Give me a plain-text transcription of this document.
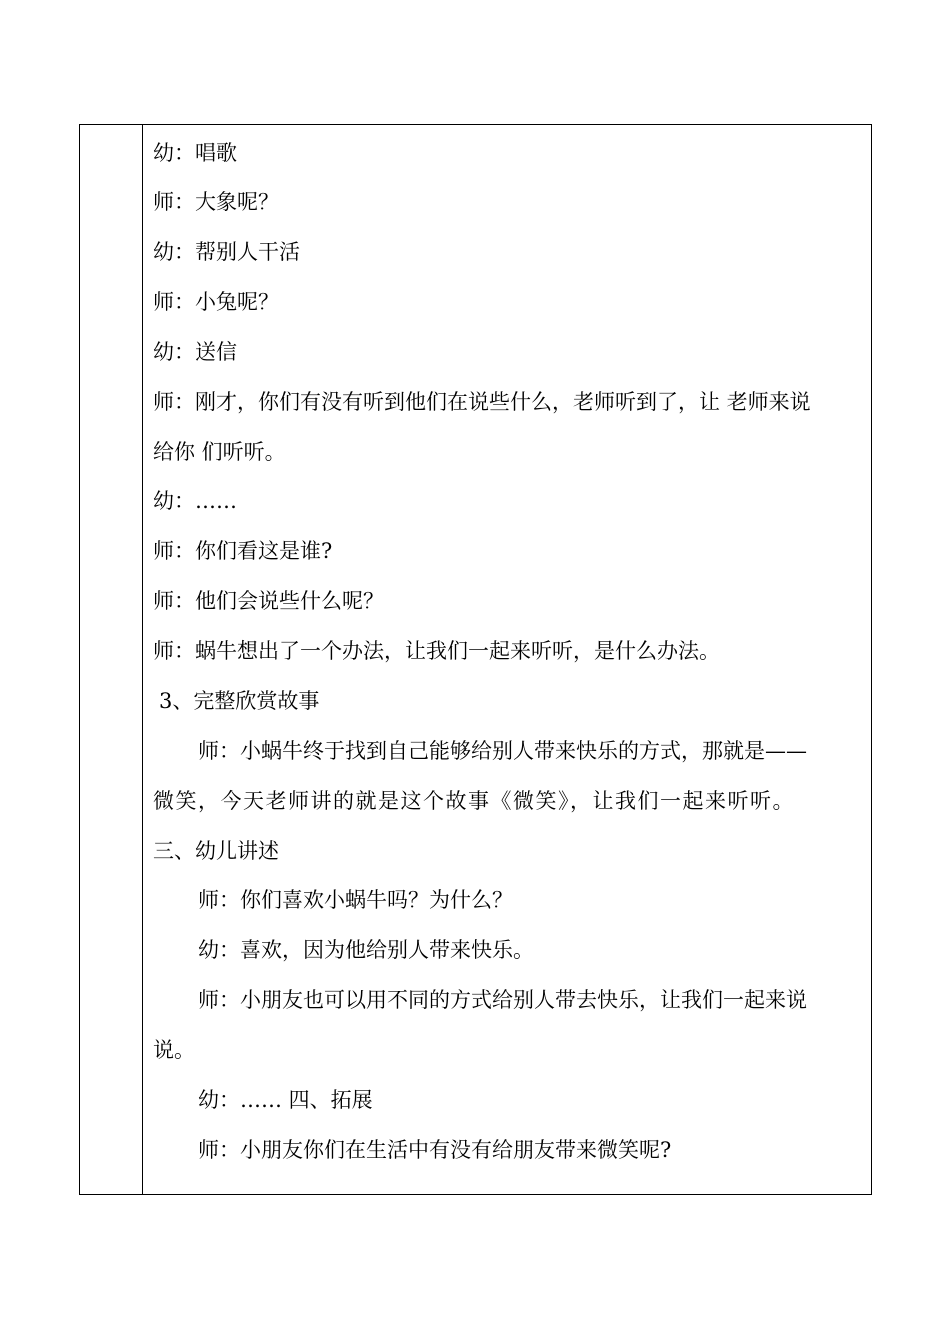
幼：唱歌
师：大象呢？
幼：帮别人干活
师：小兔呢？
幼：送信
师：刚才，你们有没有听到他们在说些什么，老师听到了，让 老师来说
给你 们听听。
幼：……
师：你们看这是谁?
师：他们会说些什么呢？
师：蜗牛想出了一个办法，让我们一起来听听，是什么办法。
3、完整欣赏故事
师：小蜗牛终于找到自己能够给别人带来快乐的方式，那就是——
微笑，今天老师讲的就是这个故事《微笑》，让我们一起来听听。
三、幼儿讲述
师：你们喜欢小蜗牛吗？为什么？
幼：喜欢，因为他给别人带来快乐。
师：小朋友也可以用不同的方式给别人带去快乐，让我们一起来说
说。
幼：…… 四、拓展
师：小朋友你们在生活中有没有给朋友带来微笑呢?
